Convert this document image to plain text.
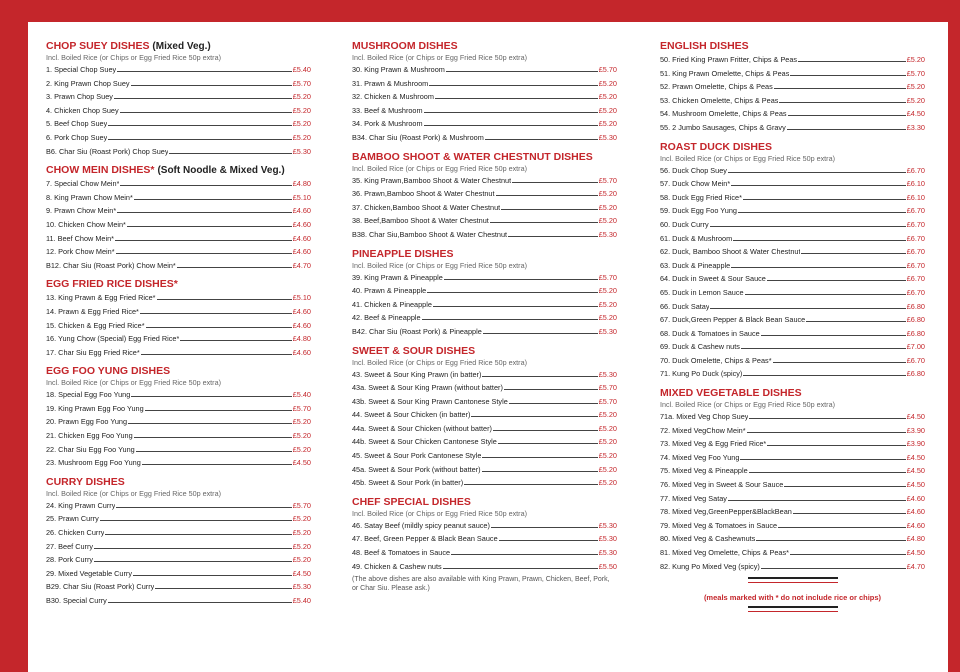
CHOP SUEY DISHES (Mixed Veg.)
Incl. Boiled Rice (or Chips or Egg Fried Rice 50p extra)
1. Special Chop Suey	£5.40
2. King Prawn Chop Suey	£5.70
3. Prawn Chop Suey	£5.20
4. Chicken Chop Suey	£5.20
5. Beef Chop Suey	£5.20
6. Pork Chop Suey	£5.20
B6. Char Siu (Roast Pork) Chop Suey	£5.30
CHOW MEIN DISHES* (Soft Noodle & Mixed Veg.)
7. Special Chow Mein*	£4.80
8. King Prawn Chow Mein*	£5.10
9. Prawn Chow Mein*	£4.60
10. Chicken Chow Mein*	£4.60
11. Beef Chow Mein*	£4.60
12. Pork Chow Mein*	£4.60
B12. Char Siu (Roast Pork) Chow Mein*	£4.70
EGG FRIED RICE DISHES*
13. King Prawn & Egg Fried Rice*	£5.10
14. Prawn & Egg Fried Rice*	£4.60
15. Chicken & Egg Fried Rice*	£4.60
16. Yung Chow (Special) Egg Fried Rice*	£4.80
17. Char Siu Egg Fried Rice*	£4.60
EGG FOO YUNG DISHES
Incl. Boiled Rice (or Chips or Egg Fried Rice 50p extra)
18. Special Egg Foo Yung	£5.40
19. King Prawn Egg Foo Yung	£5.70
20. Prawn Egg Foo Yung	£5.20
21. Chicken Egg Foo Yung	£5.20
22. Char Siu Egg Foo Yung	£5.20
23. Mushroom Egg Foo Yung	£4.50
CURRY DISHES
Incl. Boiled Rice (or Chips or Egg Fried Rice 50p extra)
24. King Prawn Curry	£5.70
25. Prawn Curry	£5.20
26. Chicken Curry	£5.20
27. Beef Curry	£5.20
28. Pork Curry	£5.20
29. Mixed Vegetable Curry	£4.50
B29. Char Siu (Roast Pork) Curry	£5.30
B30. Special Curry	£5.40
MUSHROOM DISHES
Incl. Boiled Rice (or Chips or Egg Fried Rice 50p extra)
30. King Prawn & Mushroom	£5.70
31. Prawn & Mushroom	£5.20
32. Chicken & Mushroom	£5.20
33. Beef & Mushroom	£5.20
34. Pork & Mushroom	£5.20
B34. Char Siu (Roast Pork) & Mushroom	£5.30
BAMBOO SHOOT & WATER CHESTNUT DISHES
Incl. Boiled Rice (or Chips or Egg Fried Rice 50p extra)
35. King Prawn,Bamboo Shoot & Water Chestnut	£5.70
36. Prawn,Bamboo Shoot & Water Chestnut	£5.20
37. Chicken,Bamboo Shoot & Water Chestnut	£5.20
38. Beef,Bamboo Shoot & Water Chestnut	£5.20
B38. Char Siu,Bamboo Shoot & Water Chestnut	£5.30
PINEAPPLE DISHES
Incl. Boiled Rice (or Chips or Egg Fried Rice 50p extra)
39. King Prawn & Pineapple	£5.70
40. Prawn & Pineapple	£5.20
41. Chicken & Pineapple	£5.20
42. Beef & Pineapple	£5.20
B42. Char Siu (Roast Pork) & Pineapple	£5.30
SWEET & SOUR DISHES
Incl. Boiled Rice (or Chips or Egg Fried Rice 50p extra)
43. Sweet & Sour King Prawn (in batter)	£5.30
43a. Sweet & Sour King Prawn (without batter)	£5.70
43b. Sweet & Sour King Prawn Cantonese Style	£5.70
44. Sweet & Sour Chicken (in batter)	£5.20
44a. Sweet & Sour Chicken (without batter)	£5.20
44b. Sweet & Sour Chicken Cantonese Style	£5.20
45. Sweet & Sour Pork Cantonese Style	£5.20
45a. Sweet & Sour Pork (without batter)	£5.20
45b. Sweet & Sour Pork (in batter)	£5.20
CHEF SPECIAL DISHES
Incl. Boiled Rice (or Chips or Egg Fried Rice 50p extra)
46. Satay Beef (mildly spicy peanut sauce)	£5.30
47. Beef, Green Pepper & Black Bean Sauce	£5.30
48. Beef & Tomatoes in Sauce	£5.30
49. Chicken & Cashew nuts	£5.50
(The above dishes are also available with King Prawn, Prawn, Chicken, Beef, Pork, or Char Siu. Please ask.)
ENGLISH DISHES
50. Fried King Prawn Fritter, Chips & Peas	£5.20
51. King Prawn Omelette, Chips & Peas	£5.70
52. Prawn Omelette, Chips & Peas	£5.20
53. Chicken Omelette, Chips & Peas	£5.20
54. Mushroom Omelette, Chips & Peas	£4.50
55. 2 Jumbo Sausages, Chips & Gravy	£3.30
ROAST DUCK DISHES
Incl. Boiled Rice (or Chips or Egg Fried Rice 50p extra)
56. Duck Chop Suey	£6.70
57. Duck Chow Mein*	£6.10
58. Duck Egg Fried Rice*	£6.10
59. Duck Egg Foo Yung	£6.70
60. Duck Curry	£6.70
61. Duck & Mushroom	£6.70
62. Duck, Bamboo Shoot & Water Chestnut	£6.70
63. Duck & Pineapple	£6.70
64. Duck in Sweet & Sour Sauce	£6.70
65. Duck in Lemon Sauce	£6.70
66. Duck Satay	£6.80
67. Duck,Green Pepper & Black Bean Sauce	£6.80
68. Duck & Tomatoes in Sauce	£6.80
69. Duck & Cashew nuts	£7.00
70. Duck Omelette, Chips & Peas*	£6.70
71. Kung Po Duck (spicy)	£6.80
MIXED VEGETABLE DISHES
Incl. Boiled Rice (or Chips or Egg Fried Rice 50p extra)
71a. Mixed Veg Chop Suey	£4.50
72. Mixed VegChow Mein*	£3.90
73. Mixed Veg & Egg Fried Rice*	£3.90
74. Mixed Veg Foo Yung	£4.50
75. Mixed Veg & Pineapple	£4.50
76. Mixed Veg in Sweet & Sour Sauce	£4.50
77. Mixed Veg Satay	£4.60
78. Mixed Veg,GreenPepper&BlackBean	£4.60
79. Mixed Veg & Tomatoes in Sauce	£4.60
80. Mixed Veg & Cashewnuts	£4.80
81. Mixed Veg Omelette, Chips & Peas*	£4.50
82. Kung Po Mixed Veg (spicy)	£4.70
(meals marked with * do not include rice or chips)
